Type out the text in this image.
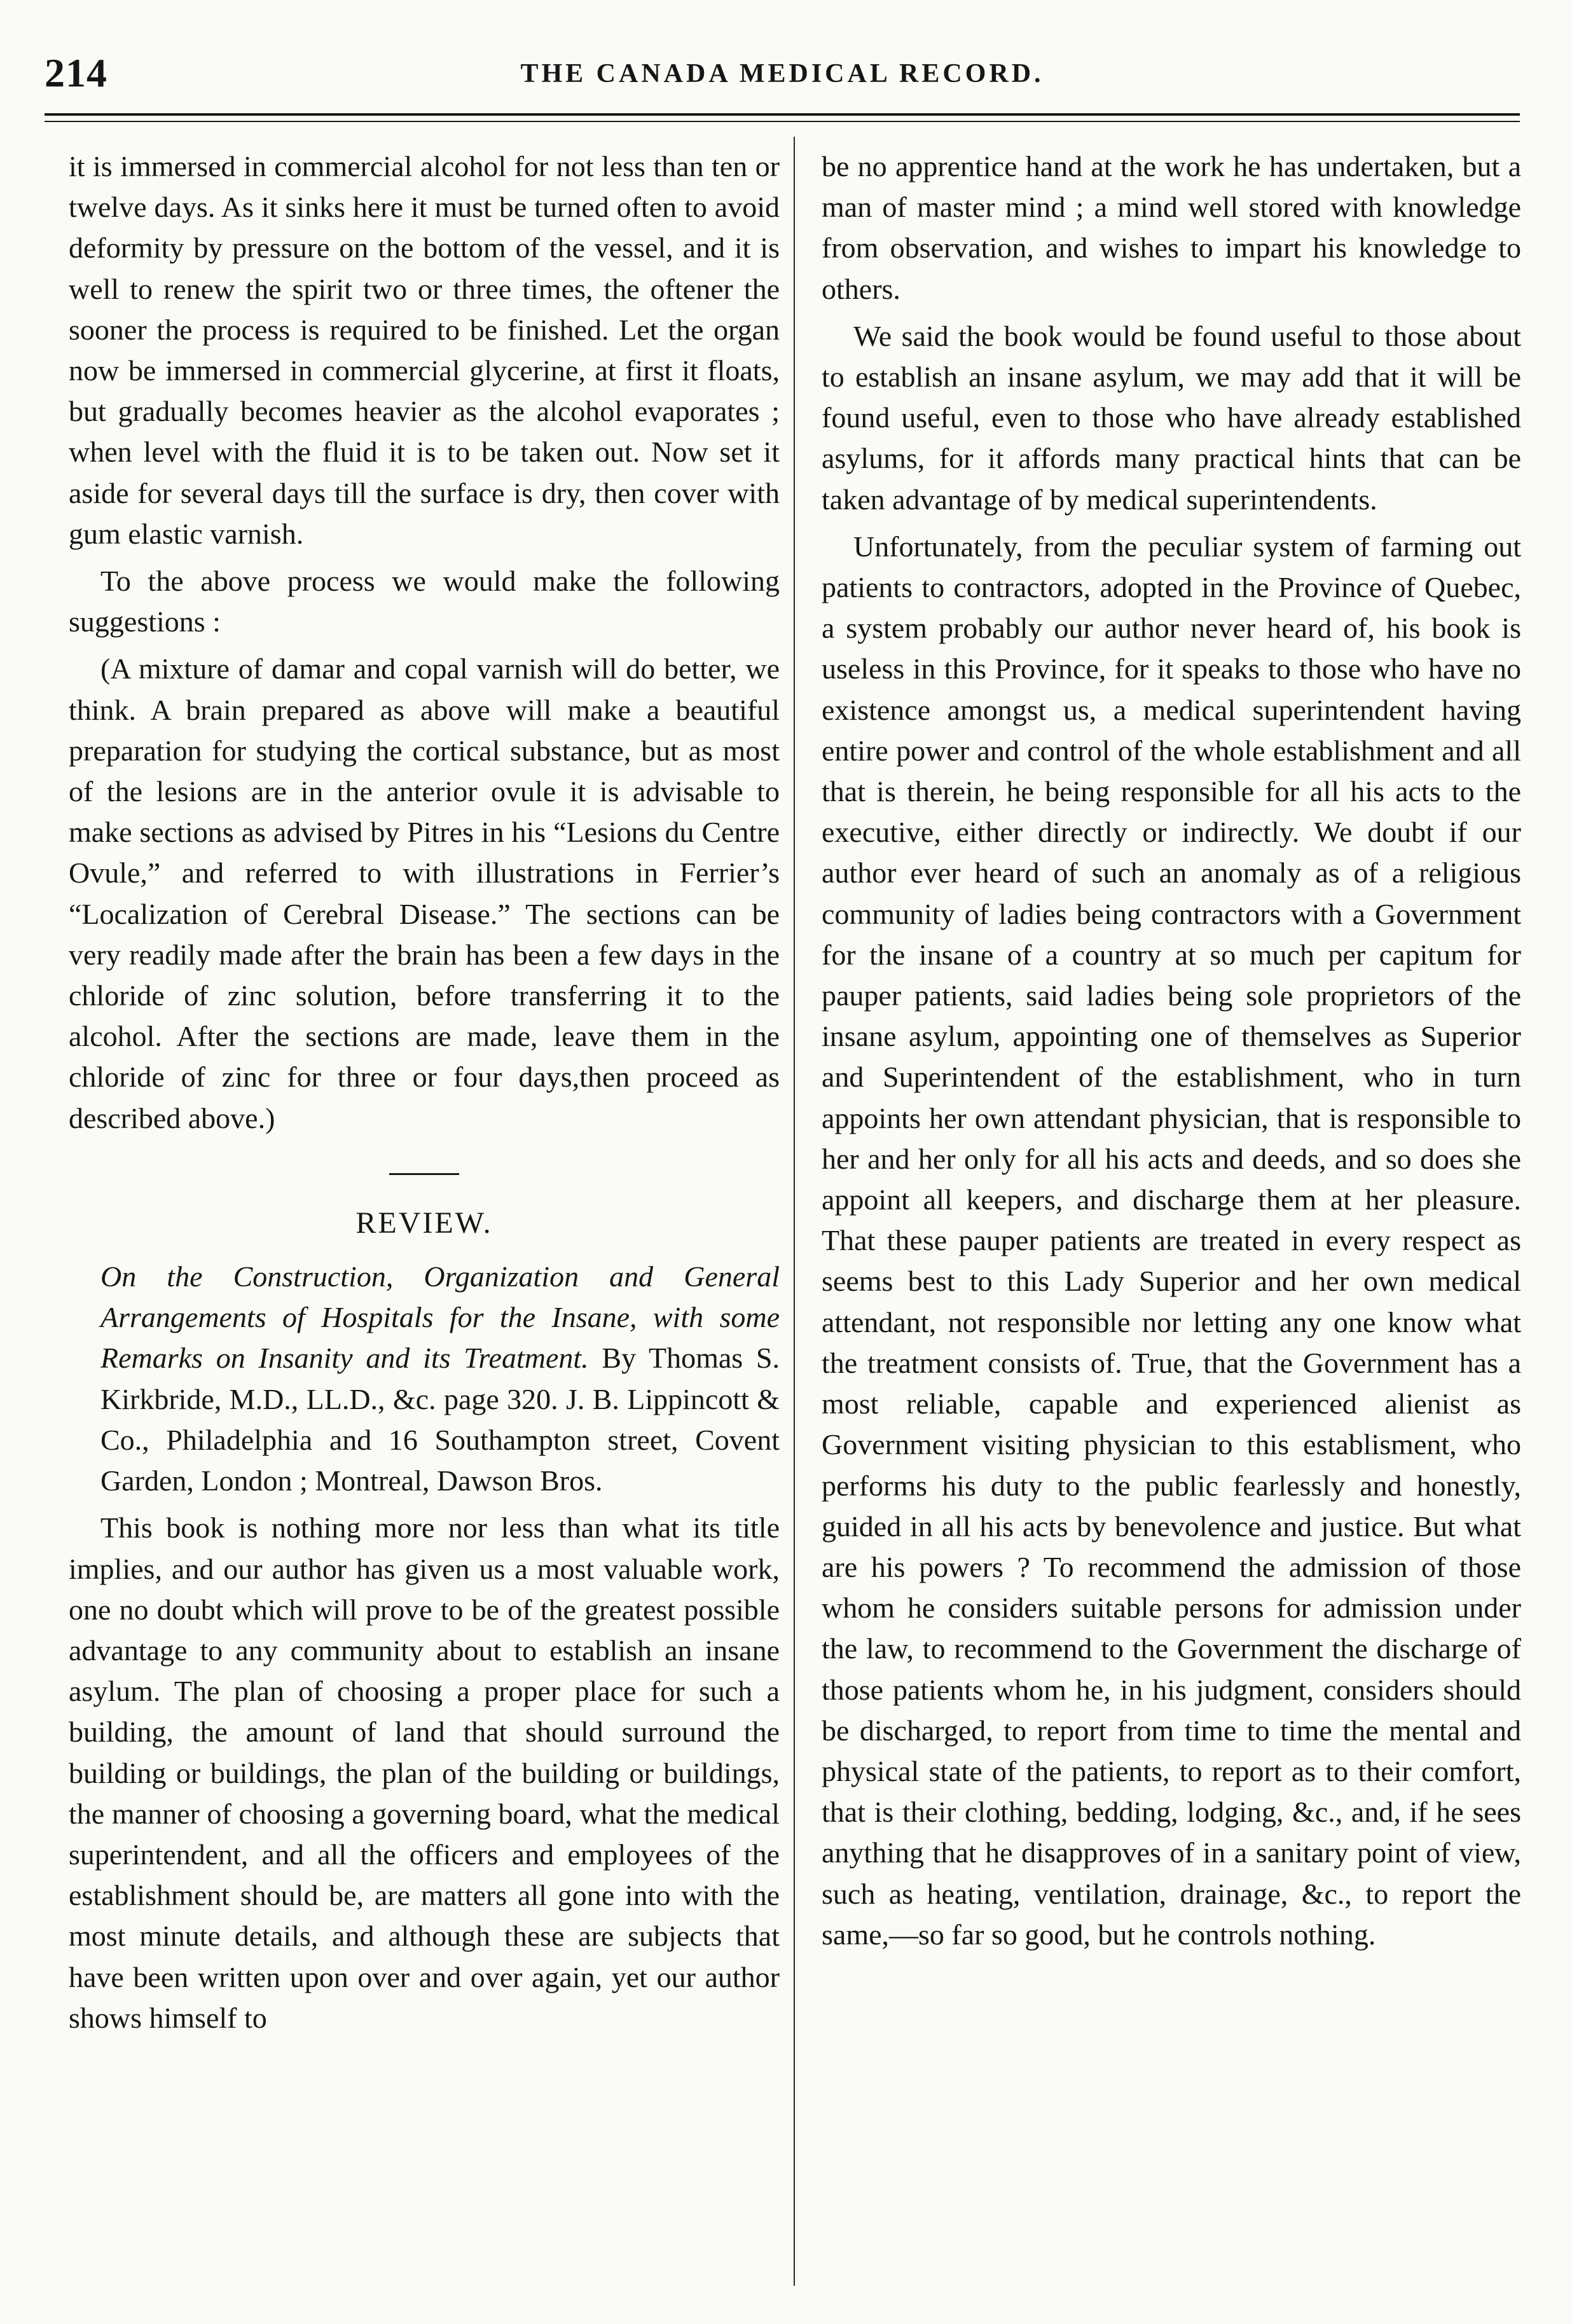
214	THE CANADA MEDICAL RECORD.

it is immersed in commercial alcohol for not less than ten or twelve days. As it sinks here it must be turned often to avoid deformity by pressure on the bottom of the vessel, and it is well to renew the spirit two or three times, the oftener the sooner the process is required to be finished. Let the organ now be immersed in commercial glycerine, at first it floats, but gradually becomes heavier as the alcohol evaporates ; when level with the fluid it is to be taken out. Now set it aside for several days till the surface is dry, then cover with gum elastic varnish.

To the above process we would make the following suggestions :

(A mixture of damar and copal varnish will do better, we think. A brain prepared as above will make a beautiful preparation for studying the cortical substance, but as most of the lesions are in the anterior ovule it is advisable to make sections as advised by Pitres in his “Lesions du Centre Ovule,” and referred to with illustrations in Ferrier’s “Localization of Cerebral Disease.” The sections can be very readily made after the brain has been a few days in the chloride of zinc solution, before transferring it to the alcohol. After the sections are made, leave them in the chloride of zinc for three or four days,then proceed as described above.)

REVIEW.

On the Construction, Organization and General Arrangements of Hospitals for the Insane, with some Remarks on Insanity and its Treatment. By Thomas S. Kirkbride, M.D., LL.D., &c. page 320. J. B. Lippincott & Co., Philadelphia and 16 Southampton street, Covent Garden, London ; Montreal, Dawson Bros.

This book is nothing more nor less than what its title implies, and our author has given us a most valuable work, one no doubt which will prove to be of the greatest possible advantage to any community about to establish an insane asylum. The plan of choosing a proper place for such a building, the amount of land that should surround the building or buildings, the plan of the building or buildings, the manner of choosing a governing board, what the medical superintendent, and all the officers and employees of the establishment should be, are matters all gone into with the most minute details, and although these are subjects that have been written upon over and over again, yet our author shows himself to

be no apprentice hand at the work he has undertaken, but a man of master mind ; a mind well stored with knowledge from observation, and wishes to impart his knowledge to others.

We said the book would be found useful to those about to establish an insane asylum, we may add that it will be found useful, even to those who have already established asylums, for it affords many practical hints that can be taken advantage of by medical superintendents.

Unfortunately, from the peculiar system of farming out patients to contractors, adopted in the Province of Quebec, a system probably our author never heard of, his book is useless in this Province, for it speaks to those who have no existence amongst us, a medical superintendent having entire power and control of the whole establishment and all that is therein, he being responsible for all his acts to the executive, either directly or indirectly. We doubt if our author ever heard of such an anomaly as of a religious community of ladies being contractors with a Government for the insane of a country at so much per capitum for pauper patients, said ladies being sole proprietors of the insane asylum, appointing one of themselves as Superior and Superintendent of the establishment, who in turn appoints her own attendant physician, that is responsible to her and her only for all his acts and deeds, and so does she appoint all keepers, and discharge them at her pleasure. That these pauper patients are treated in every respect as seems best to this Lady Superior and her own medical attendant, not responsible nor letting any one know what the treatment consists of. True, that the Government has a most reliable, capable and experienced alienist as Government visiting physician to this establisment, who performs his duty to the public fearlessly and honestly, guided in all his acts by benevolence and justice. But what are his powers ? To recommend the admission of those whom he considers suitable persons for admission under the law, to recommend to the Government the discharge of those patients whom he, in his judgment, considers should be discharged, to report from time to time the mental and physical state of the patients, to report as to their comfort, that is their clothing, bedding, lodging, &c., and, if he sees anything that he disapproves of in a sanitary point of view, such as heating, ventilation, drainage, &c., to report the same,—so far so good, but he controls nothing.
